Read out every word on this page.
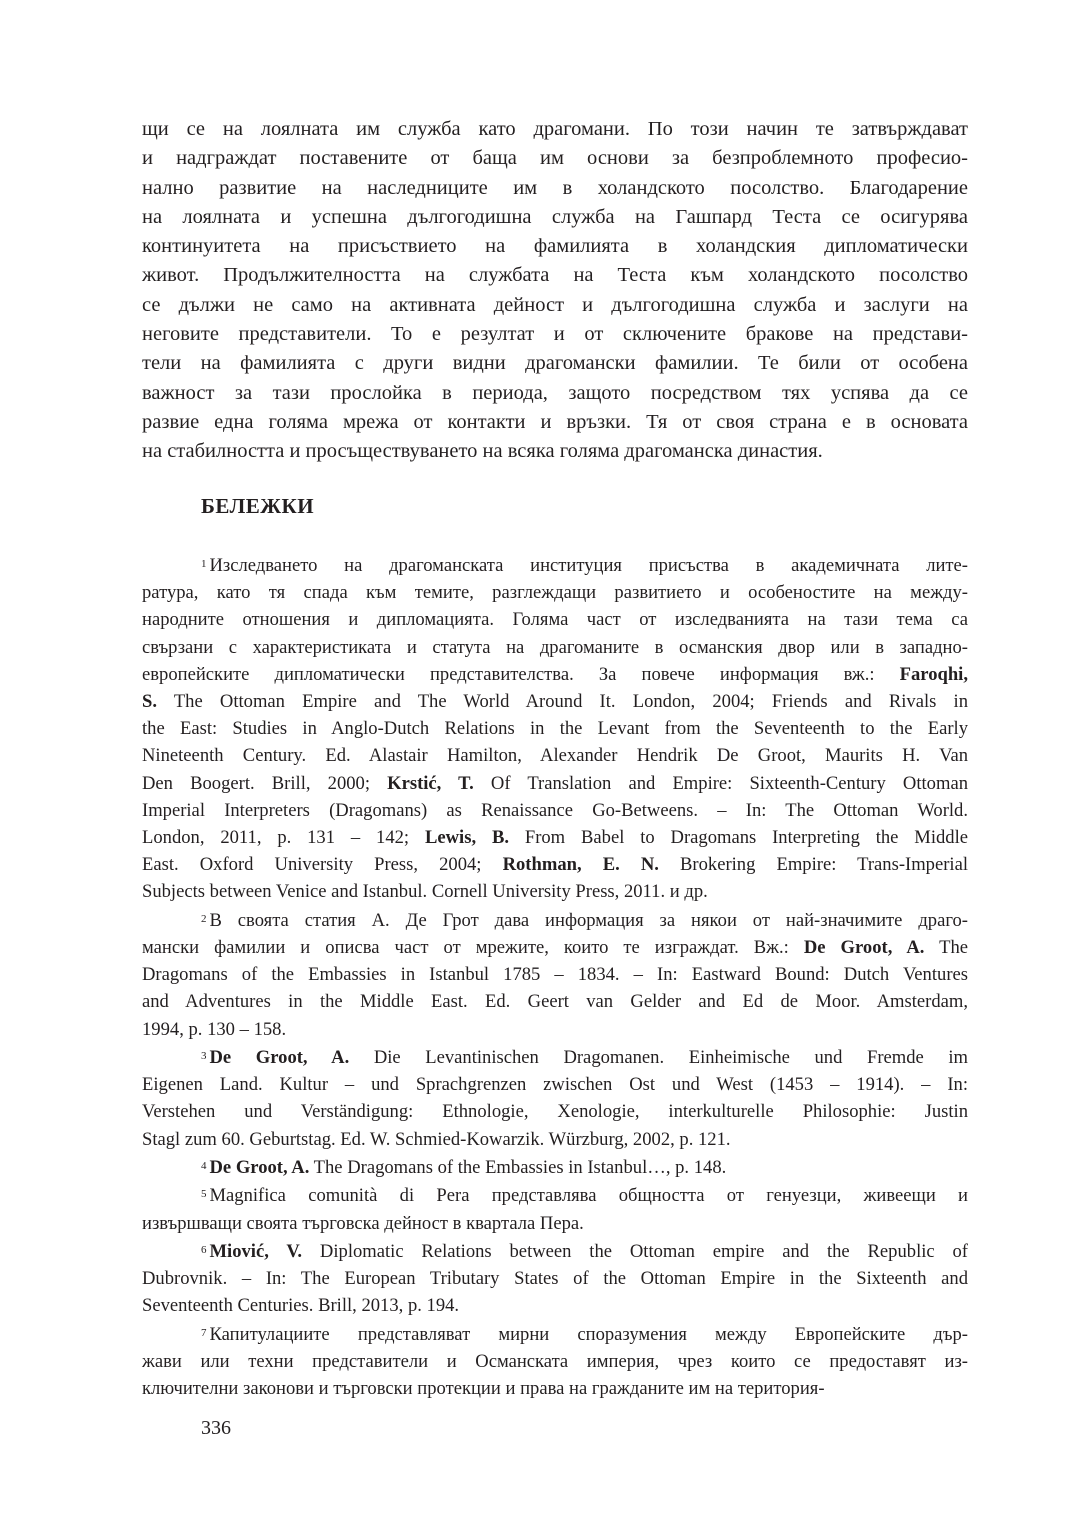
щи се на лоялната им служба като драгомани. По този начин те затвърждават
и надграждат поставените от баща им основи за безпроблемното професио-
нално развитие на наследниците им в холандското посолство. Благодарение
на лоялната и успешна дългогодишна служба на Гашпард Теста се осигурява
континуитета на присъствието на фамилията в холандския дипломатически
живот. Продължителността на службата на Теста към холандското посолство
се дължи не само на активната дейност и дългогодишна служба и заслуги на
неговите представители. То е резултат и от сключените бракове на представи-
тели на фамилията с други видни драгомански фамилии. Те били от особена
важност за тази прослойка в периода, защото посредством тях успява да се
развие една голяма мрежа от контакти и връзки. Тя от своя страна е в основата
на стабилността и просъществуването на всяка голяма драгоманска династия.
БЕЛЕЖКИ
$^1$ Изследването на драгоманската институция присъства в академичната лите-
ратура, като тя спада към темите, разглеждащи развитието и особеностите на между-
народните отношения и дипломацията. Голяма част от изследванията на тази тема са
свързани с характеристиката и статута на драгоманите в османския двор или в западно-
европейските дипломатически представителства. За повече информация вж.: Faroqhi,
S. The Ottoman Empire and The World Around It. London, 2004; Friends and Rivals in
the East: Studies in Anglo-Dutch Relations in the Levant from the Seventeenth to the Early
Nineteenth Century. Ed. Alastair Hamilton, Alexander Hendrik De Groot, Maurits H. Van
Den Boogert. Brill, 2000; Krstić, T. Of Translation and Empire: Sixteenth-Century Ottoman
Imperial Interpreters (Dragomans) as Renaissance Go-Betweens. – In: The Ottoman World.
London, 2011, p. 131 – 142; Lewis, B. From Babel to Dragomans Interpreting the Middle
East. Oxford University Press, 2004; Rothman, E. N. Brokering Empire: Trans-Imperial
Subjects between Venice and Istanbul. Cornell University Press, 2011. и др.
$^2$ В своята статия А. Де Грот дава информация за някои от най-значимите драго-
мански фамилии и описва част от мрежите, които те изграждат. Вж.: De Groot, A. The
Dragomans of the Embassies in Istanbul 1785 – 1834. – In: Eastward Bound: Dutch Ventures
and Adventures in the Middle East. Ed. Geert van Gelder and Ed de Moor. Amsterdam,
1994, p. 130 – 158.
$^3$ De Groot, A. Die Levantinischen Dragomanen. Einheimische und Fremde im
Eigenen Land. Kultur – und Sprachgrenzen zwischen Ost und West (1453 – 1914). – In:
Verstehen und Verständigung: Ethnologie, Xenologie, interkulturelle Philosophie: Justin
Stagl zum 60. Geburtstag. Ed. W. Schmied-Kowarzik. Würzburg, 2002, p. 121.
$^4$ De Groot, A. The Dragomans of the Embassies in Istanbul…, p. 148.
$^5$ Magnifica comunità di Pera представлява общността от генуезци, живеещи и
извършващи своята търговска дейност в квартала Пера.
$^6$ Miović, V. Diplomatic Relations between the Ottoman empire and the Republic of
Dubrovnik. – In: The European Tributary States of the Ottoman Empire in the Sixteenth and
Seventeenth Centuries. Brill, 2013, p. 194.
$^7$ Капитулациите представляват мирни споразумения между Европейските дър-
жави или техни представители и Османската империя, чрез които се предоставят из-
ключителни законови и търговски протекции и права на гражданите им на територия-
336
